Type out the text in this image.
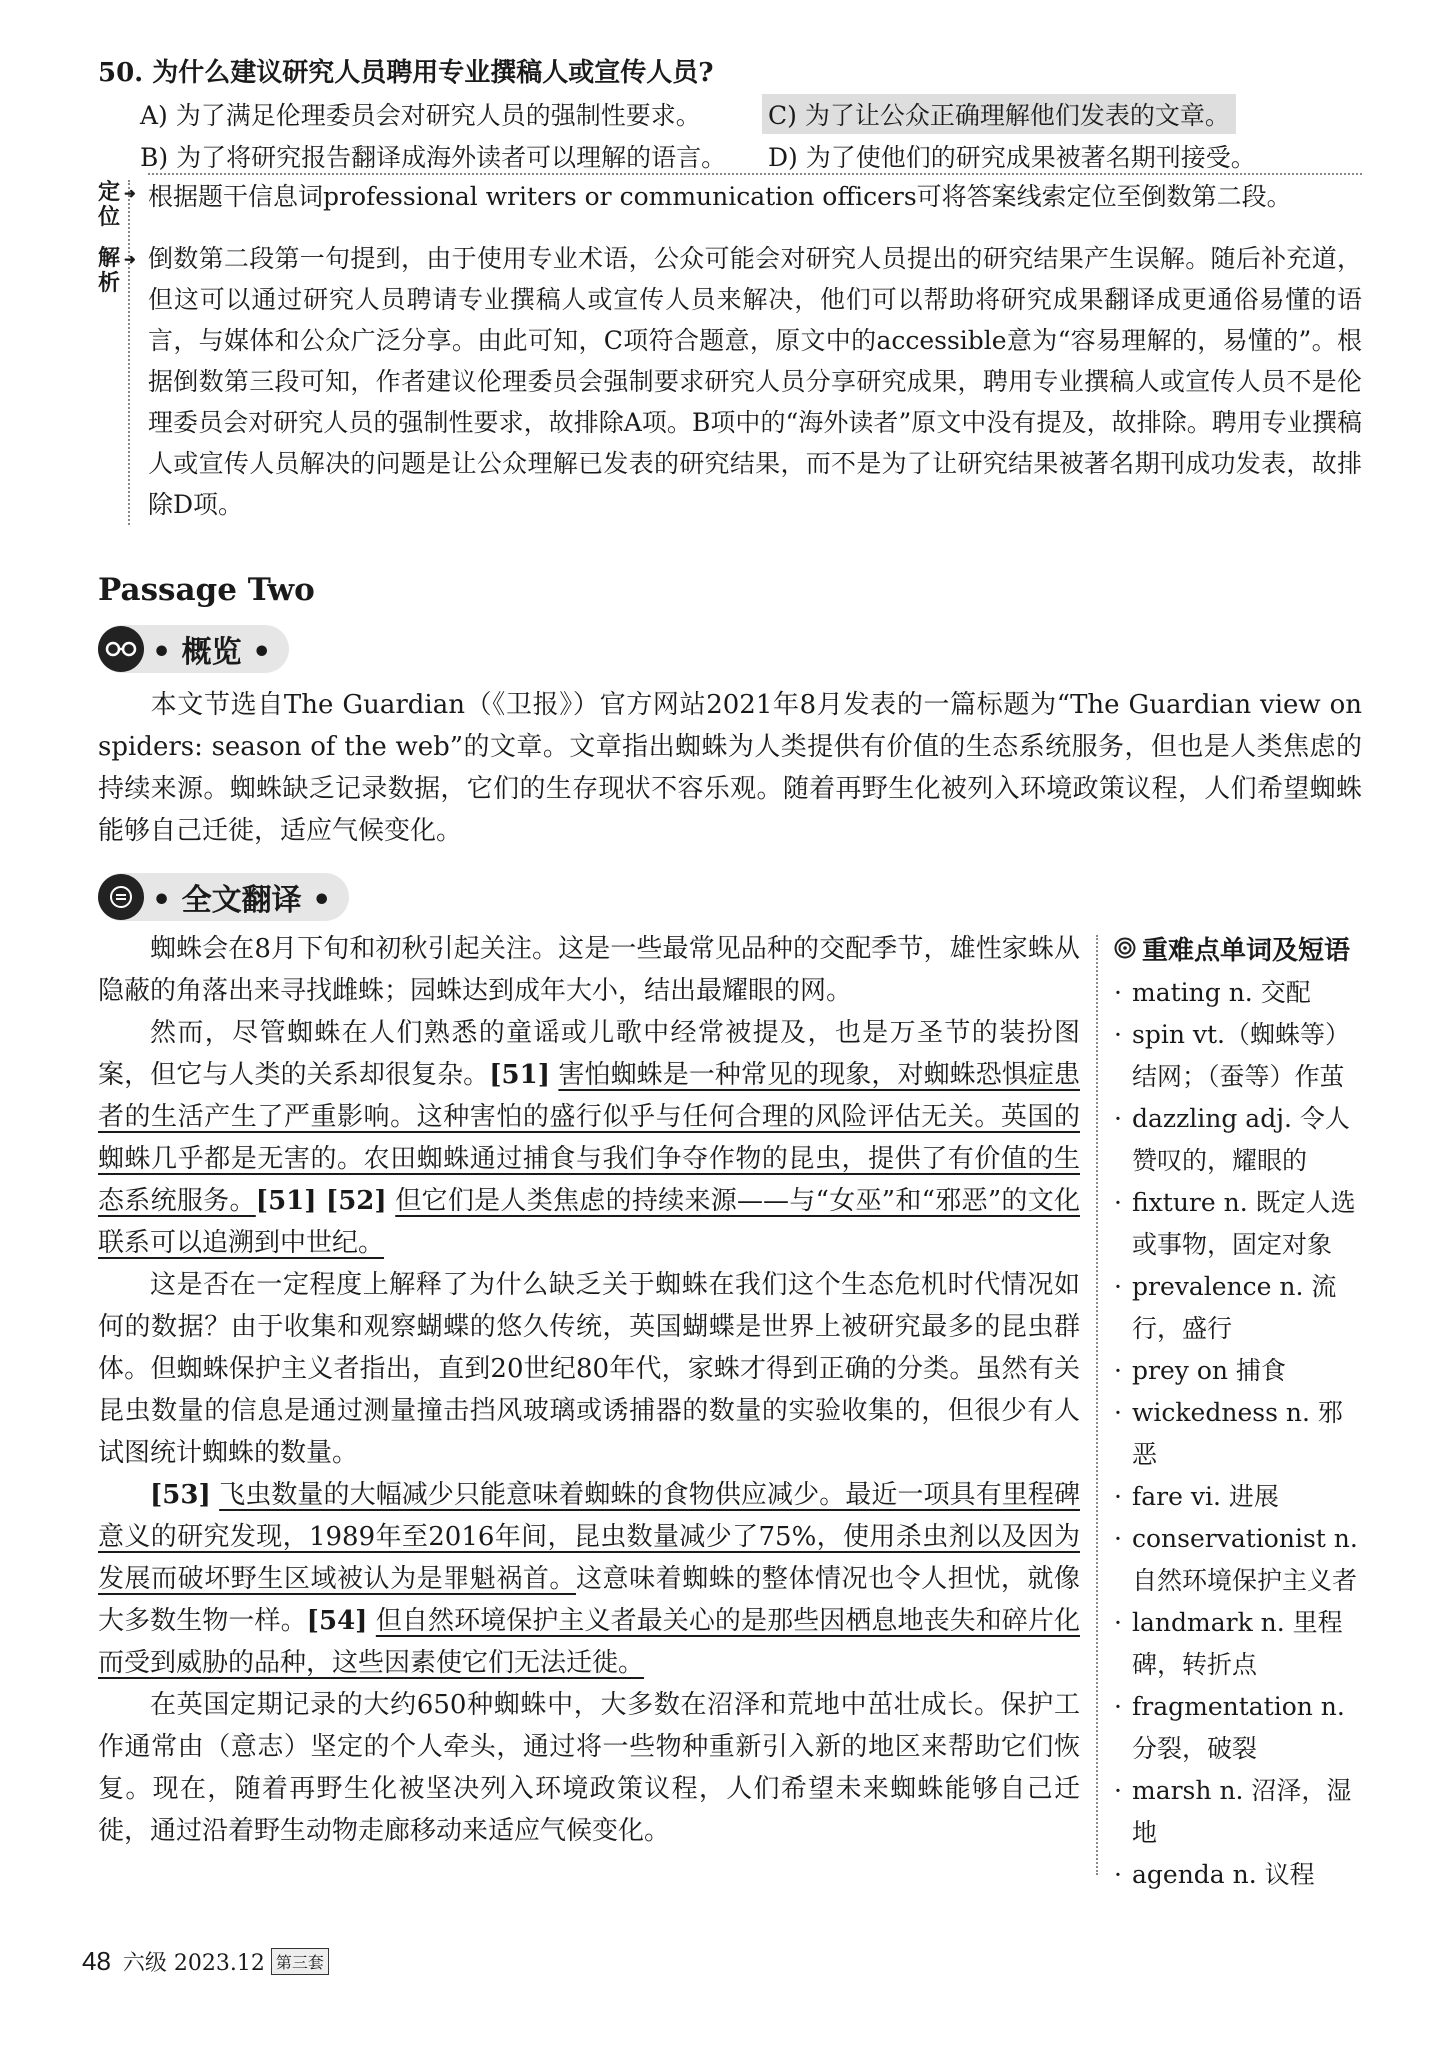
50. 为什么建议研究人员聘用专业撰稿人或宣传人员?
A) 为了满足伦理委员会对研究人员的强制性要求。	C) 为了让公众正确理解他们发表的文章。
B) 为了将研究报告翻译成海外读者可以理解的语言。 D) 为了使他们的研究成果被著名期刊接受。
定位
➜ 根据题干信息词professional writers or communication officers可将答案线索定位至倒数第二段。
解析
➜ 倒数第二段第一句提到，由于使用专业术语，公众可能会对研究人员提出的研究结果产生误解。随后补充道，但这可以通过研究人员聘请专业撰稿人或宣传人员来解决，他们可以帮助将研究成果翻译成更通俗易懂的语言，与媒体和公众广泛分享。由此可知，C项符合题意，原文中的accessible意为“容易理解的，易懂的”。根据倒数第三段可知，作者建议伦理委员会强制要求研究人员分享研究成果，聘用专业撰稿人或宣传人员不是伦理委员会对研究人员的强制性要求，故排除A项。B项中的“海外读者”原文中没有提及，故排除。聘用专业撰稿人或宣传人员解决的问题是让公众理解已发表的研究结果，而不是为了让研究结果被著名期刊成功发表，故排除D项。
Passage Two
• 概览 •
本文节选自The Guardian（《卫报》）官方网站2021年8月发表的一篇标题为“The Guardian view on spiders: season of the web”的文章。文章指出蜘蛛为人类提供有价值的生态系统服务，但也是人类焦虑的持续来源。蜘蛛缺乏记录数据，它们的生存现状不容乐观。随着再野生化被列入环境政策议程，人们希望蜘蛛能够自己迁徙，适应气候变化。
• 全文翻译 •

蜘蛛会在8月下旬和初秋引起关注。这是一些最常见品种的交配季节，雄性家蛛从隐蔽的角落出来寻找雌蛛；园蛛达到成年大小，结出最耀眼的网。

然而，尽管蜘蛛在人们熟悉的童谣或儿歌中经常被提及，也是万圣节的装扮图案，但它与人类的关系却很复杂。[51] 害怕蜘蛛是一种常见的现象，对蜘蛛恐惧症患者的生活产生了严重影响。这种害怕的盛行似乎与任何合理的风险评估无关。英国的蜘蛛几乎都是无害的。农田蜘蛛通过捕食与我们争夺作物的昆虫，提供了有价值的生态系统服务。[51] [52] 但它们是人类焦虑的持续来源——与“女巫”和“邪恶”的文化联系可以追溯到中世纪。

这是否在一定程度上解释了为什么缺乏关于蜘蛛在我们这个生态危机时代情况如何的数据？由于收集和观察蝴蝶的悠久传统，英国蝴蝶是世界上被研究最多的昆虫群体。但蜘蛛保护主义者指出，直到20世纪80年代，家蛛才得到正确的分类。虽然有关昆虫数量的信息是通过测量撞击挡风玻璃或诱捕器的数量的实验收集的，但很少有人试图统计蜘蛛的数量。

[53] 飞虫数量的大幅减少只能意味着蜘蛛的食物供应减少。最近一项具有里程碑意义的研究发现，1989年至2016年间，昆虫数量减少了75%，使用杀虫剂以及因为发展而破坏野生区域被认为是罪魁祸首。这意味着蜘蛛的整体情况也令人担忧，就像大多数生物一样。[54] 但自然环境保护主义者最关心的是那些因栖息地丧失和碎片化而受到威胁的品种，这些因素使它们无法迁徙。

在英国定期记录的大约650种蜘蛛中，大多数在沼泽和荒地中茁壮成长。保护工作通常由（意志）坚定的个人牵头，通过将一些物种重新引入新的地区来帮助它们恢复。现在，随着再野生化被坚决列入环境政策议程，人们希望未来蜘蛛能够自己迁徙，通过沿着野生动物走廊移动来适应气候变化。

重难点单词及短语
· mating n. 交配
· spin vt.（蜘蛛等）结网；（蚕等）作茧
· dazzling adj. 令人赞叹的，耀眼的
· fixture n. 既定人选或事物，固定对象
· prevalence n. 流行，盛行
· prey on 捕食
· wickedness n. 邪恶
· fare vi. 进展
· conservationist n. 自然环境保护主义者
· landmark n. 里程碑，转折点
· fragmentation n. 分裂，破裂
· marsh n. 沼泽，湿地
· agenda n. 议程
48 六级 2023.12 第三套
